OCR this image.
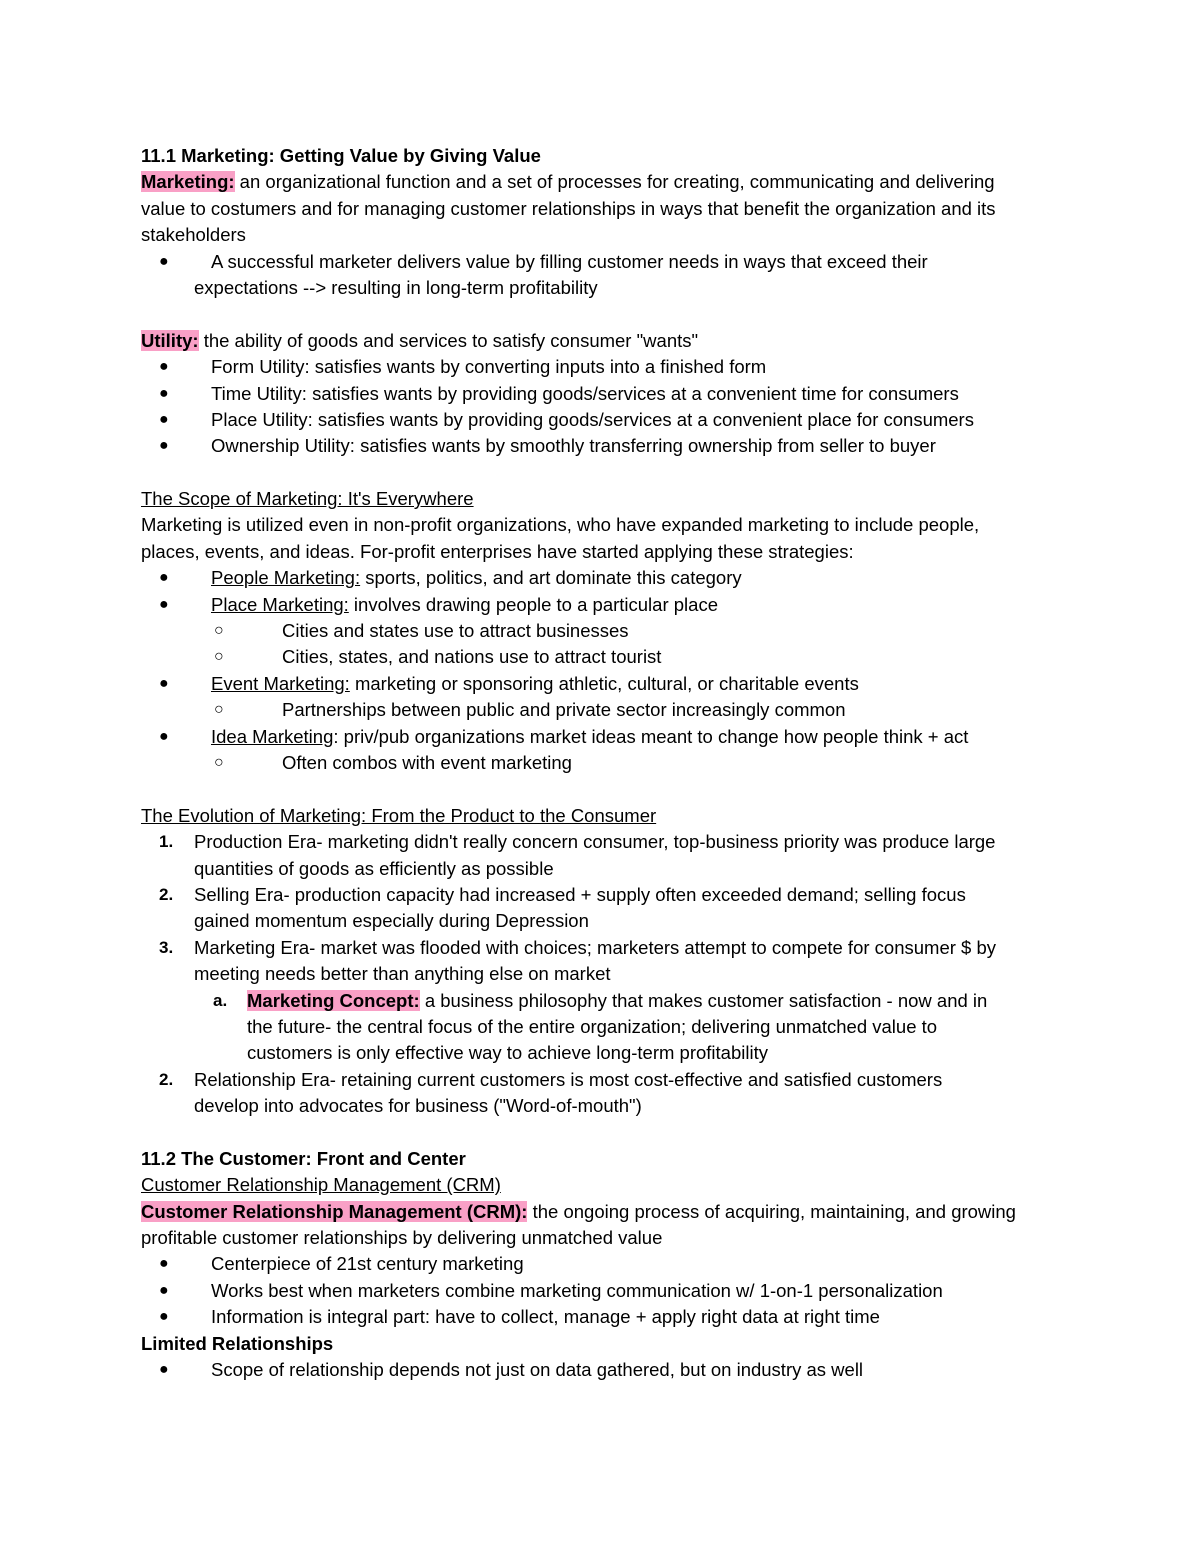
11.1 Marketing: Getting Value by Giving Value
Marketing: an organizational function and a set of processes for creating, communicating and delivering
value to costumers and for managing customer relationships in ways that benefit the organization and its
stakeholders
● A successful marketer delivers value by filling customer needs in ways that exceed their
expectations --> resulting in long-term profitability
Utility: the ability of goods and services to satisfy consumer "wants"
● Form Utility: satisfies wants by converting inputs into a finished form
● Time Utility: satisfies wants by providing goods/services at a convenient time for consumers
● Place Utility: satisfies wants by providing goods/services at a convenient place for consumers
● Ownership Utility: satisfies wants by smoothly transferring ownership from seller to buyer
The Scope of Marketing: It's Everywhere
Marketing is utilized even in non-profit organizations, who have expanded marketing to include people,
places, events, and ideas. For-profit enterprises have started applying these strategies:
● People Marketing: sports, politics, and art dominate this category
● Place Marketing: involves drawing people to a particular place
○	Cities and states use to attract businesses
○	Cities, states, and nations use to attract tourist
● Event Marketing: marketing or sponsoring athletic, cultural, or charitable events
○	Partnerships between public and private sector increasingly common
● Idea Marketing: priv/pub organizations market ideas meant to change how people think + act
○	Often combos with event marketing
The Evolution of Marketing: From the Product to the Consumer
1. Production Era- marketing didn't really concern consumer, top-business priority was produce large
quantities of goods as efficiently as possible
2. Selling Era- production capacity had increased + supply often exceeded demand; selling focus
gained momentum especially during Depression
3. Marketing Era- market was flooded with choices; marketers attempt to compete for consumer $ by
meeting needs better than anything else on market
a. Marketing Concept: a business philosophy that makes customer satisfaction - now and in
the future- the central focus of the entire organization; delivering unmatched value to
customers is only effective way to achieve long-term profitability
2. Relationship Era- retaining current customers is most cost-effective and satisfied customers
develop into advocates for business ("Word-of-mouth")
11.2 The Customer: Front and Center
Customer Relationship Management (CRM)
Customer Relationship Management (CRM): the ongoing process of acquiring, maintaining, and growing
profitable customer relationships by delivering unmatched value
● Centerpiece of 21st century marketing
● Works best when marketers combine marketing communication w/ 1-on-1 personalization
● Information is integral part: have to collect, manage + apply right data at right time
Limited Relationships
● Scope of relationship depends not just on data gathered, but on industry as well
